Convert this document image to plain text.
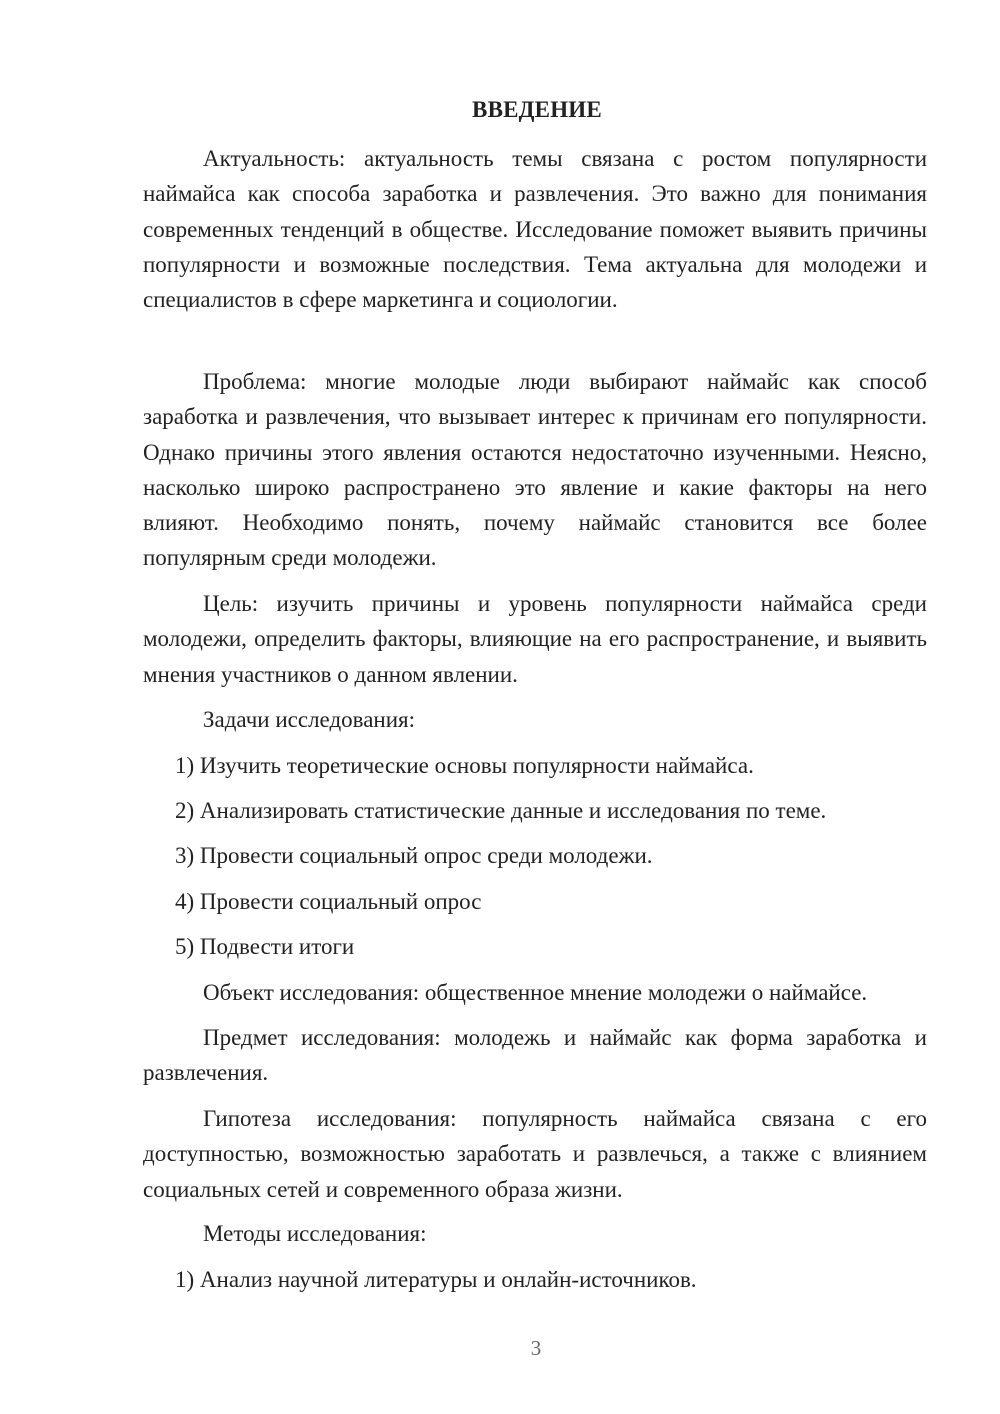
ВВЕДЕНИЕ

Актуальность: актуальность темы связана с ростом популярности наймайса как способа заработка и развлечения. Это важно для понимания современных тенденций в обществе. Исследование поможет выявить причины популярности и возможные последствия. Тема актуальна для молодежи и специалистов в сфере маркетинга и социологии.

Проблема: многие молодые люди выбирают наймайс как способ заработка и развлечения, что вызывает интерес к причинам его популярности. Однако причины этого явления остаются недостаточно изученными. Неясно, насколько широко распространено это явление и какие факторы на него влияют. Необходимо понять, почему наймайс становится все более популярным среди молодежи.

Цель: изучить причины и уровень популярности наймайса среди молодежи, определить факторы, влияющие на его распространение, и выявить мнения участников о данном явлении.

Задачи исследования:

1) Изучить теоретические основы популярности наймайса.

2) Анализировать статистические данные и исследования по теме.

3) Провести социальный опрос среди молодежи.

4) Провести социальный опрос

5) Подвести итоги

Объект исследования: общественное мнение молодежи о наймайсе.

Предмет исследования: молодежь и наймайс как форма заработка и развлечения.

Гипотеза исследования: популярность наймайса связана с его доступностью, возможностью заработать и развлечься, а также с влиянием социальных сетей и современного образа жизни.

Методы исследования:

1) Анализ научной литературы и онлайн-источников.

3
